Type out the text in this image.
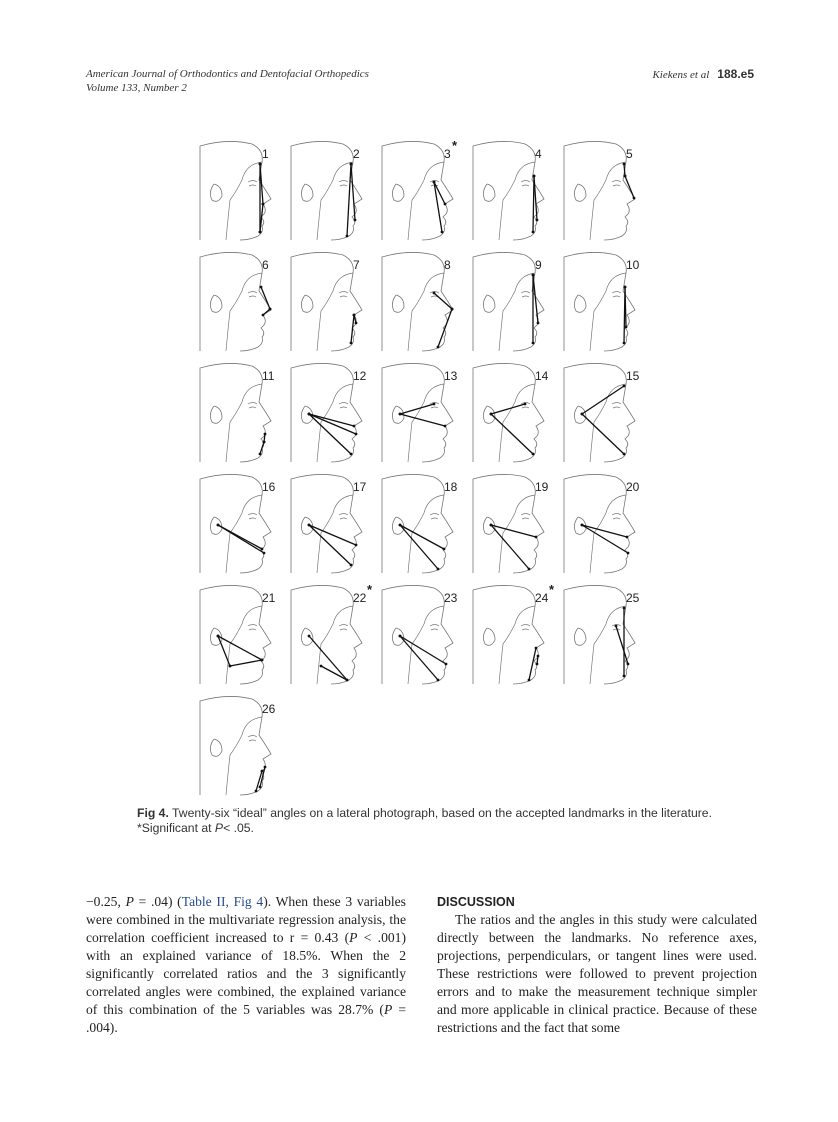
American Journal of Orthodontics and Dentofacial Orthopedics
Volume 133, Number 2
Kiekens et al 188.e5
1	2	3
*
4	5
6	7	8	9	10
11	12	13	14	15
16	17	18	19	20
21	22
*
23	24
*
25
26
Fig 4. Twenty-six “ideal” angles on a lateral photograph, based on the accepted landmarks in the literature. *Significant at P< .05.

−0.25, P = .04) (Table II, Fig 4). When these 3 variables were combined in the multivariate regression analysis, the correlation coefficient increased to r = 0.43 (P < .001) with an explained variance of 18.5%. When the 2 significantly correlated ratios and the 3 significantly correlated angles were combined, the explained variance of this combination of the 5 variables was 28.7% (P = .004).

DISCUSSION

The ratios and the angles in this study were calculated directly between the landmarks. No reference axes, projections, perpendiculars, or tangent lines were used. These restrictions were followed to prevent projection errors and to make the measurement technique simpler and more applicable in clinical practice. Because of these restrictions and the fact that some
